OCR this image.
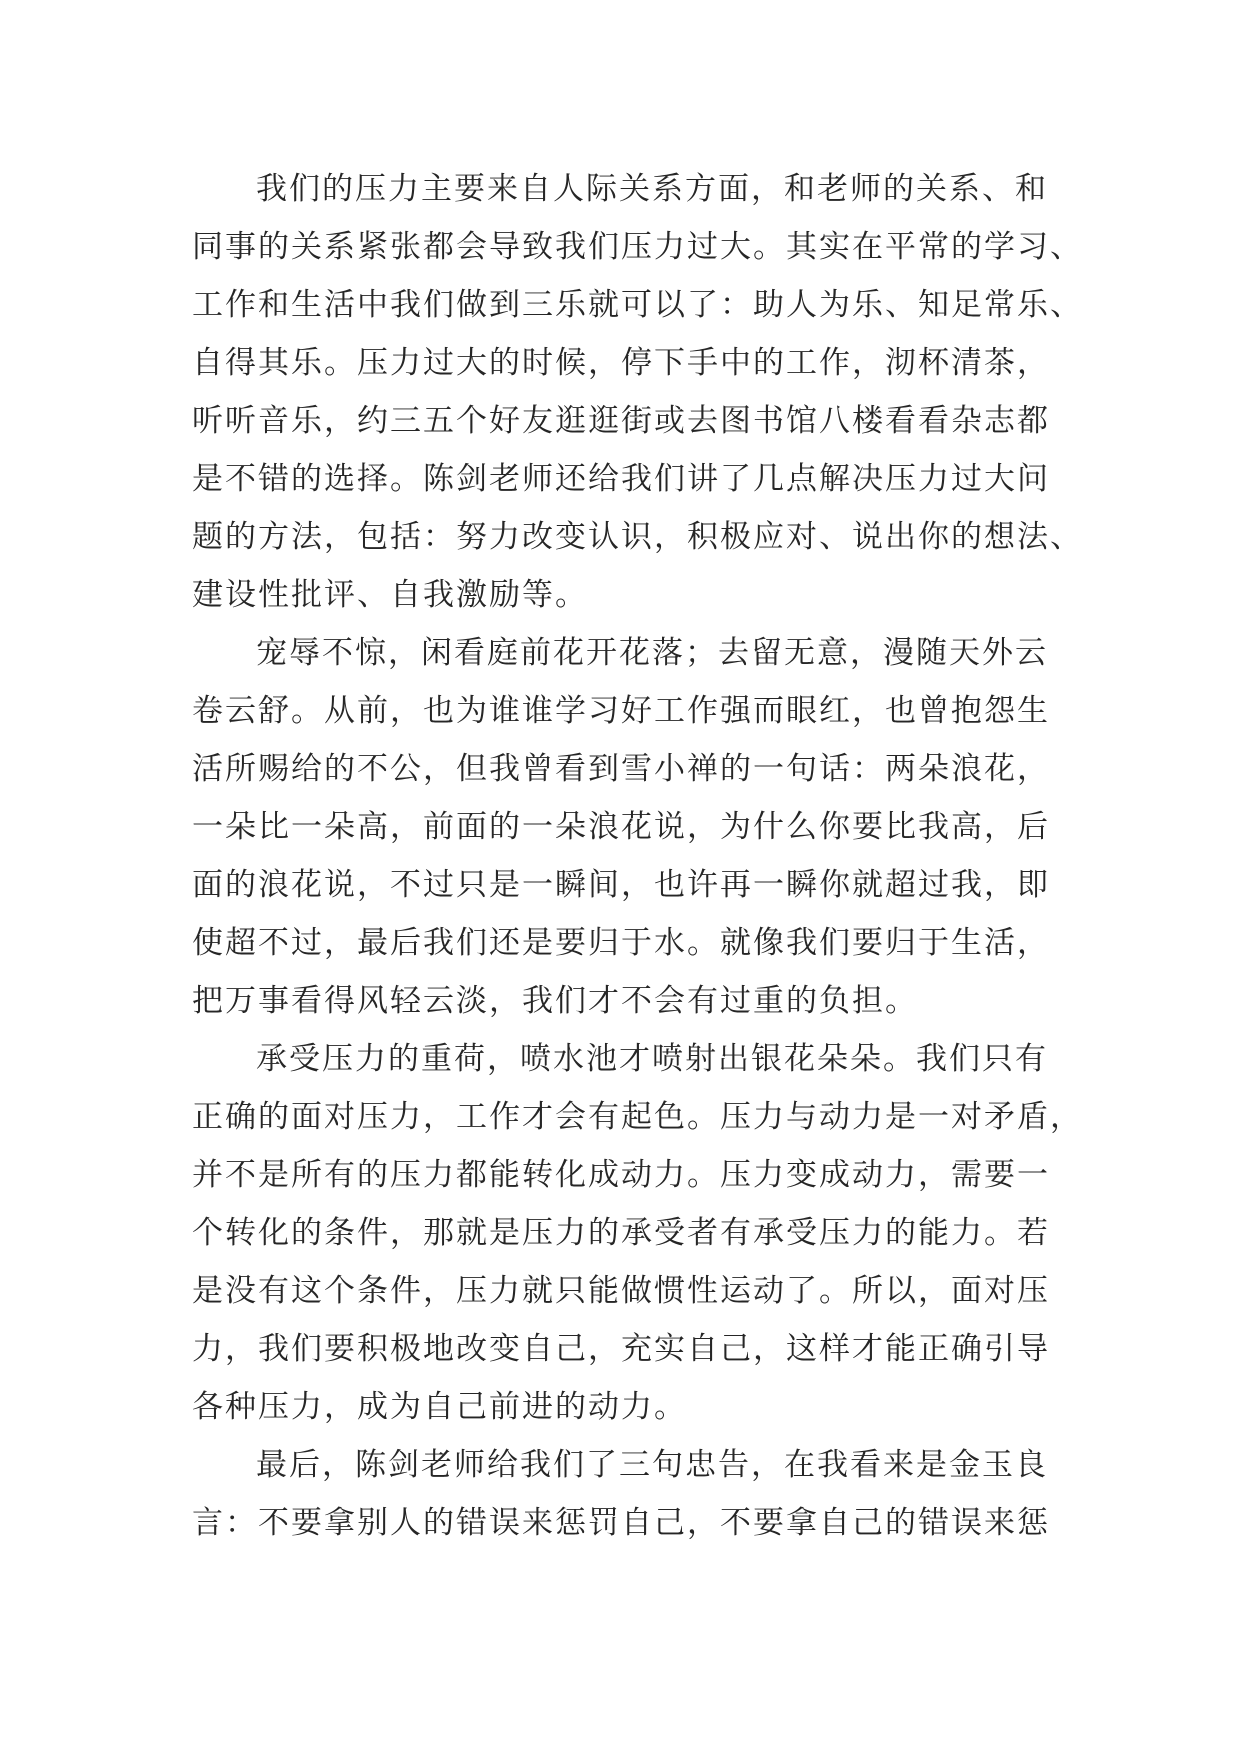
我们的压力主要来自人际关系方面，和老师的关系、和

同事的关系紧张都会导致我们压力过大。其实在平常的学习、

工作和生活中我们做到三乐就可以了：助人为乐、知足常乐、

自得其乐。压力过大的时候，停下手中的工作，沏杯清茶，

听听音乐，约三五个好友逛逛街或去图书馆八楼看看杂志都

是不错的选择。陈剑老师还给我们讲了几点解决压力过大问

题的方法，包括：努力改变认识，积极应对、说出你的想法、

建设性批评、自我激励等。

宠辱不惊，闲看庭前花开花落；去留无意，漫随天外云

卷云舒。从前，也为谁谁学习好工作强而眼红，也曾抱怨生

活所赐给的不公，但我曾看到雪小禅的一句话：两朵浪花，

一朵比一朵高，前面的一朵浪花说，为什么你要比我高，后

面的浪花说，不过只是一瞬间，也许再一瞬你就超过我，即

使超不过，最后我们还是要归于水。就像我们要归于生活，

把万事看得风轻云淡，我们才不会有过重的负担。

承受压力的重荷，喷水池才喷射出银花朵朵。我们只有

正确的面对压力，工作才会有起色。压力与动力是一对矛盾，

并不是所有的压力都能转化成动力。压力变成动力，需要一

个转化的条件，那就是压力的承受者有承受压力的能力。若

是没有这个条件，压力就只能做惯性运动了。所以，面对压

力，我们要积极地改变自己，充实自己，这样才能正确引导

各种压力，成为自己前进的动力。

最后，陈剑老师给我们了三句忠告，在我看来是金玉良

言：不要拿别人的错误来惩罚自己，不要拿自己的错误来惩
